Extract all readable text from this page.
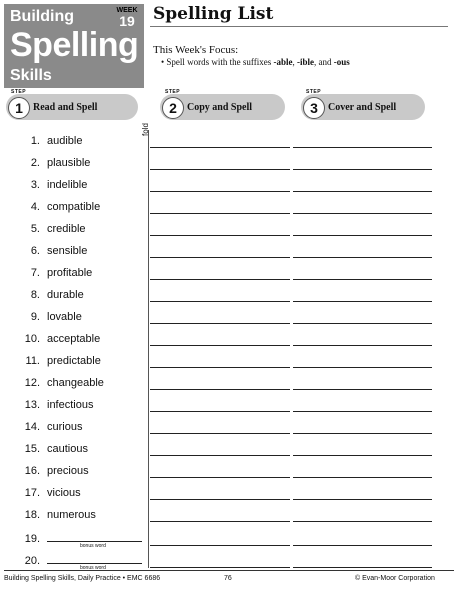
Building
Spelling
Skills
WEEK
19 Spelling List
This Week's Focus:
• Spell words with the suffixes -able, -ible, and -ous
STEP
1	Read and Spell
STEP
2	Copy and Spell
STEP
3	Cover and Spell
fold
1. audible
2. plausible
3. indelible
4. compatible
5. credible
6. sensible
7. profitable
8. durable
9. lovable
10. acceptable
11. predictable
12. changeable
13. infectious
14. curious
15. cautious
16. precious
17. vicious
18. numerous
19.
bonus word
20.
bonus word
Building Spelling Skills, Daily Practice • EMC 6686	76	© Evan-Moor Corporation
